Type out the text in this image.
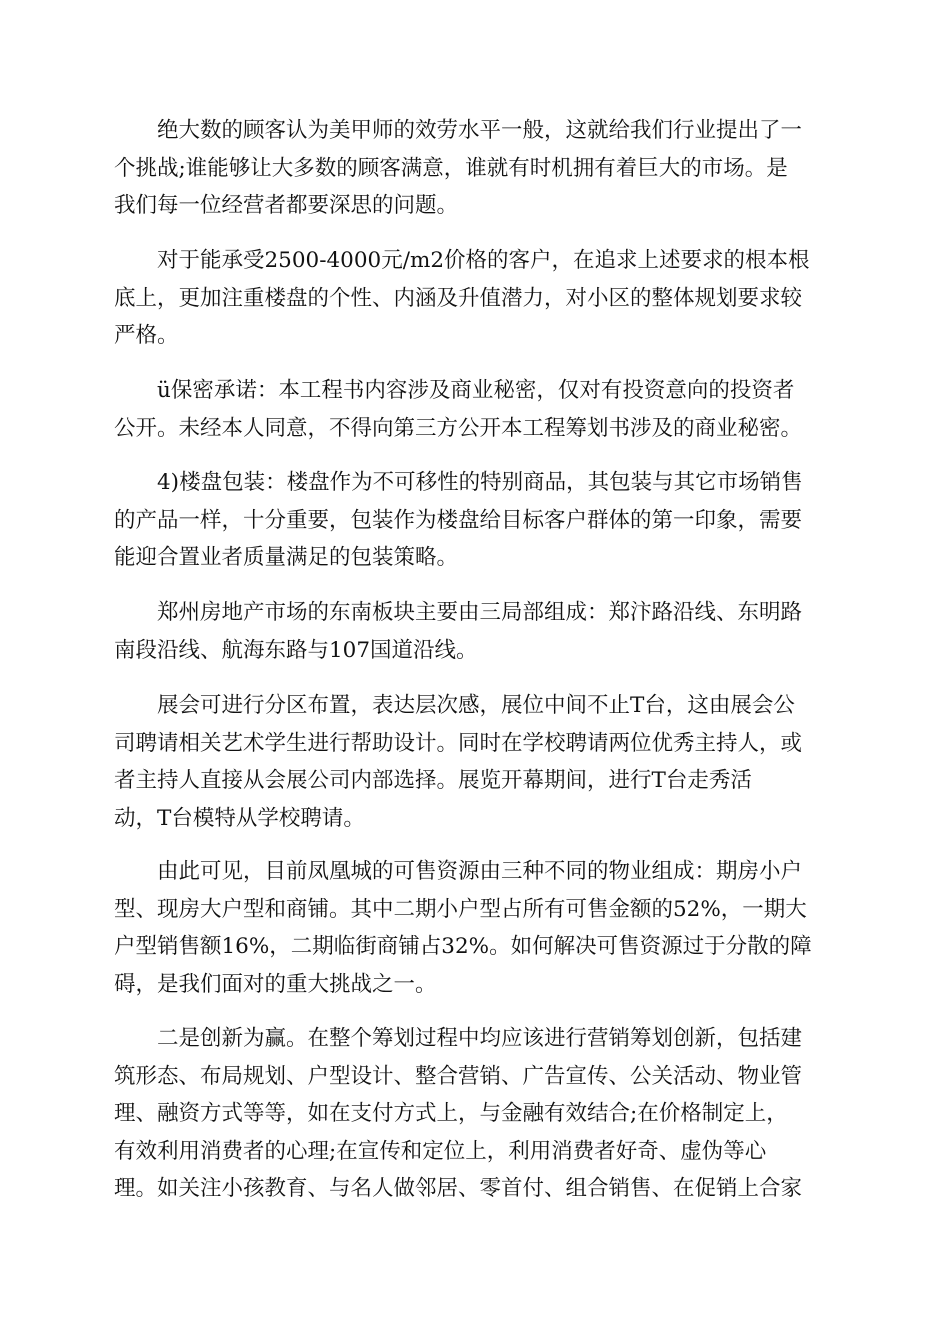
　　绝大数的顾客认为美甲师的效劳水平一般，这就给我们行业提出了一
个挑战;谁能够让大多数的顾客满意，谁就有时机拥有着巨大的市场。是
我们每一位经营者都要深思的问题。

　　对于能承受2500-4000元/m2价格的客户，在追求上述要求的根本根
底上，更加注重楼盘的个性、内涵及升值潜力，对小区的整体规划要求较
严格。

　　ü保密承诺：本工程书内容涉及商业秘密，仅对有投资意向的投资者
公开。未经本人同意，不得向第三方公开本工程筹划书涉及的商业秘密。

　　4)楼盘包装：楼盘作为不可移性的特别商品，其包装与其它市场销售
的产品一样，十分重要，包装作为楼盘给目标客户群体的第一印象，需要
能迎合置业者质量满足的包装策略。

　　郑州房地产市场的东南板块主要由三局部组成：郑汴路沿线、东明路
南段沿线、航海东路与107国道沿线。

　　展会可进行分区布置，表达层次感，展位中间不止T台，这由展会公
司聘请相关艺术学生进行帮助设计。同时在学校聘请两位优秀主持人，或
者主持人直接从会展公司内部选择。展览开幕期间，进行T台走秀活
动，T台模特从学校聘请。

　　由此可见，目前凤凰城的可售资源由三种不同的物业组成：期房小户
型、现房大户型和商铺。其中二期小户型占所有可售金额的52%，一期大
户型销售额16%，二期临街商铺占32%。如何解决可售资源过于分散的障
碍，是我们面对的重大挑战之一。

　　二是创新为赢。在整个筹划过程中均应该进行营销筹划创新，包括建
筑形态、布局规划、户型设计、整合营销、广告宣传、公关活动、物业管
理、融资方式等等，如在支付方式上，与金融有效结合;在价格制定上，
有效利用消费者的心理;在宣传和定位上，利用消费者好奇、虚伪等心
理。如关注小孩教育、与名人做邻居、零首付、组合销售、在促销上合家
